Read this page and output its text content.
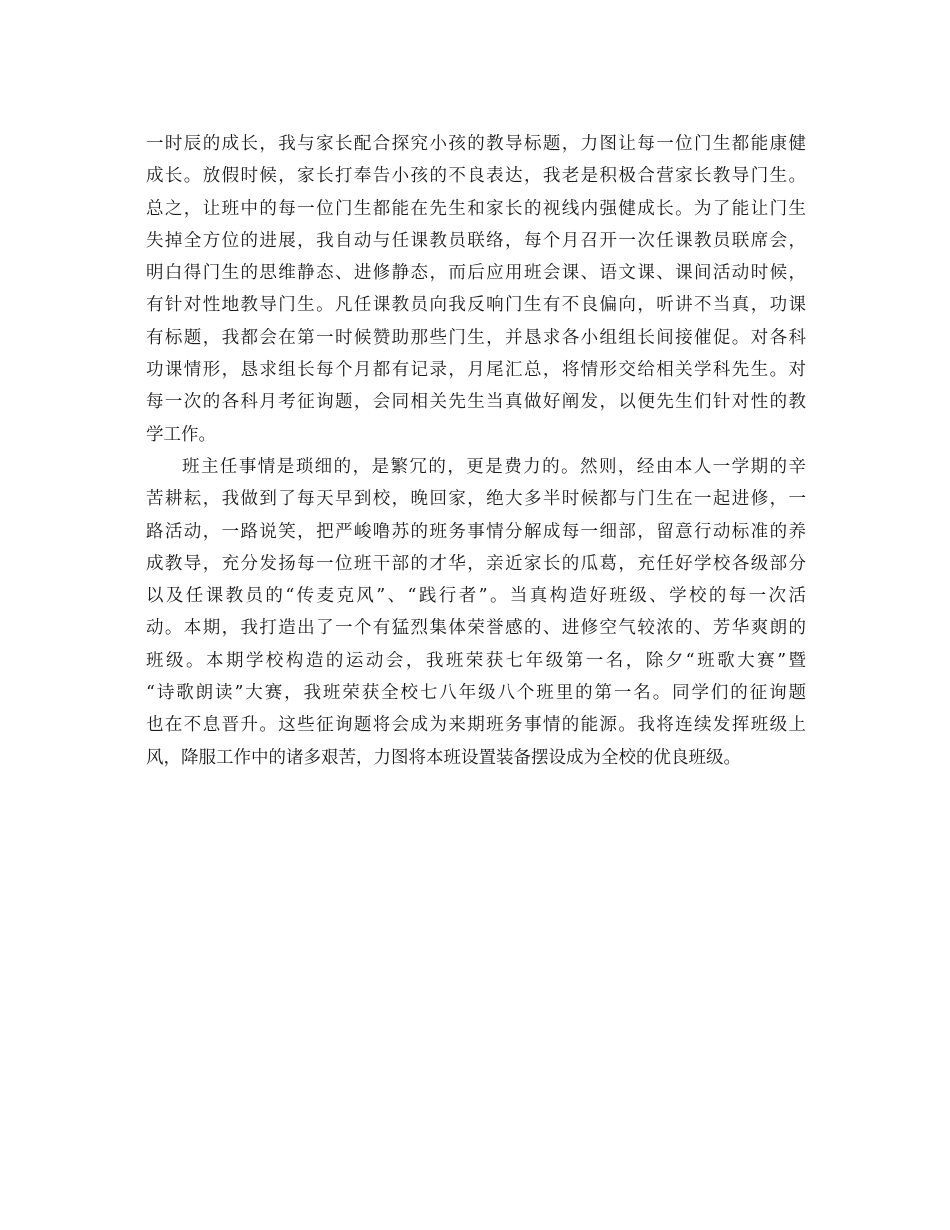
一时辰的成长，我与家长配合探究小孩的教导标题，力图让每一位门生都能康健
成长。放假时候，家长打奉告小孩的不良表达，我老是积极合营家长教导门生。
总之，让班中的每一位门生都能在先生和家长的视线内强健成长。为了能让门生
失掉全方位的进展，我自动与任课教员联络，每个月召开一次任课教员联席会，
明白得门生的思维静态、进修静态，而后应用班会课、语文课、课间活动时候，
有针对性地教导门生。凡任课教员向我反响门生有不良偏向，听讲不当真，功课
有标题，我都会在第一时候赞助那些门生，并恳求各小组组长间接催促。对各科
功课情形，恳求组长每个月都有记录，月尾汇总，将情形交给相关学科先生。对
每一次的各科月考征询题，会同相关先生当真做好阐发，以便先生们针对性的教
学工作。
班主任事情是琐细的，是繁冗的，更是费力的。然则，经由本人一学期的辛
苦耕耘，我做到了每天早到校，晚回家，绝大多半时候都与门生在一起进修，一
路活动，一路说笑，把严峻噜苏的班务事情分解成每一细部，留意行动标准的养
成教导，充分发扬每一位班干部的才华，亲近家长的瓜葛，充任好学校各级部分
以及任课教员的“传麦克风”、“践行者”。当真构造好班级、学校的每一次活
动。本期，我打造出了一个有猛烈集体荣誉感的、进修空气较浓的、芳华爽朗的
班级。本期学校构造的运动会，我班荣获七年级第一名，除夕“班歌大赛”暨
“诗歌朗读”大赛，我班荣获全校七八年级八个班里的第一名。同学们的征询题
也在不息晋升。这些征询题将会成为来期班务事情的能源。我将连续发挥班级上
风，降服工作中的诸多艰苦，力图将本班设置装备摆设成为全校的优良班级。
